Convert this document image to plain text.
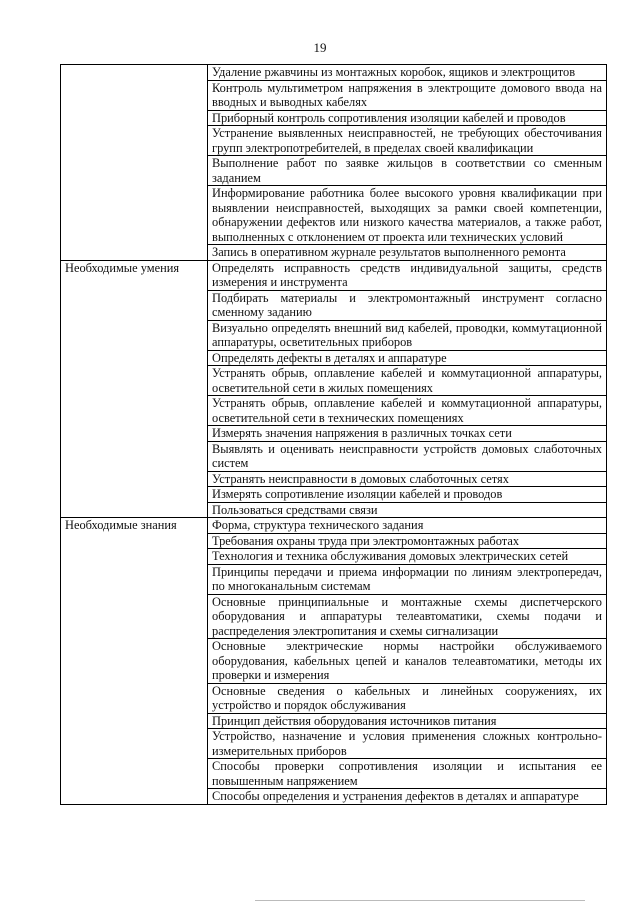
19
	Удаление ржавчины из монтажных коробок, ящиков и электрощитов
	Контроль мультиметром напряжения в электрощите домового ввода на вводных и выводных кабелях
	Приборный контроль сопротивления изоляции кабелей и проводов
	Устранение выявленных неисправностей, не требующих обесточивания групп электропотребителей, в пределах своей квалификации
	Выполнение работ по заявке жильцов в соответствии со сменным заданием
	Информирование работника более высокого уровня квалификации при выявлении неисправностей, выходящих за рамки своей компетенции, обнаружении дефектов или низкого качества материалов, а также работ, выполненных с отклонением от проекта или технических условий
	Запись в оперативном журнале результатов выполненного ремонта
Необходимые умения	Определять исправность средств индивидуальной защиты, средств измерения и инструмента
	Подбирать материалы и электромонтажный инструмент согласно сменному заданию
	Визуально определять внешний вид кабелей, проводки, коммутационной аппаратуры, осветительных приборов
	Определять дефекты в деталях и аппаратуре
	Устранять обрыв, оплавление кабелей и коммутационной аппаратуры, осветительной сети в жилых помещениях
	Устранять обрыв, оплавление кабелей и коммутационной аппаратуры, осветительной сети в технических помещениях
	Измерять значения напряжения в различных точках сети
	Выявлять и оценивать неисправности устройств домовых слаботочных систем
	Устранять неисправности в домовых слаботочных сетях
	Измерять сопротивление изоляции кабелей и проводов
	Пользоваться средствами связи
Необходимые знания	Форма, структура технического задания
	Требования охраны труда при электромонтажных работах
	Технология и техника обслуживания домовых электрических сетей
	Принципы передачи и приема информации по линиям электропередач, по многоканальным системам
	Основные принципиальные и монтажные схемы диспетчерского оборудования и аппаратуры телеавтоматики, схемы подачи и распределения электропитания и схемы сигнализации
	Основные электрические нормы настройки обслуживаемого оборудования, кабельных цепей и каналов телеавтоматики, методы их проверки и измерения
	Основные сведения о кабельных и линейных сооружениях, их устройство и порядок обслуживания
	Принцип действия оборудования источников питания
	Устройство, назначение и условия применения сложных контрольно-измерительных приборов
	Способы проверки сопротивления изоляции и испытания ее повышенным напряжением
	Способы определения и устранения дефектов в деталях и аппаратуре
